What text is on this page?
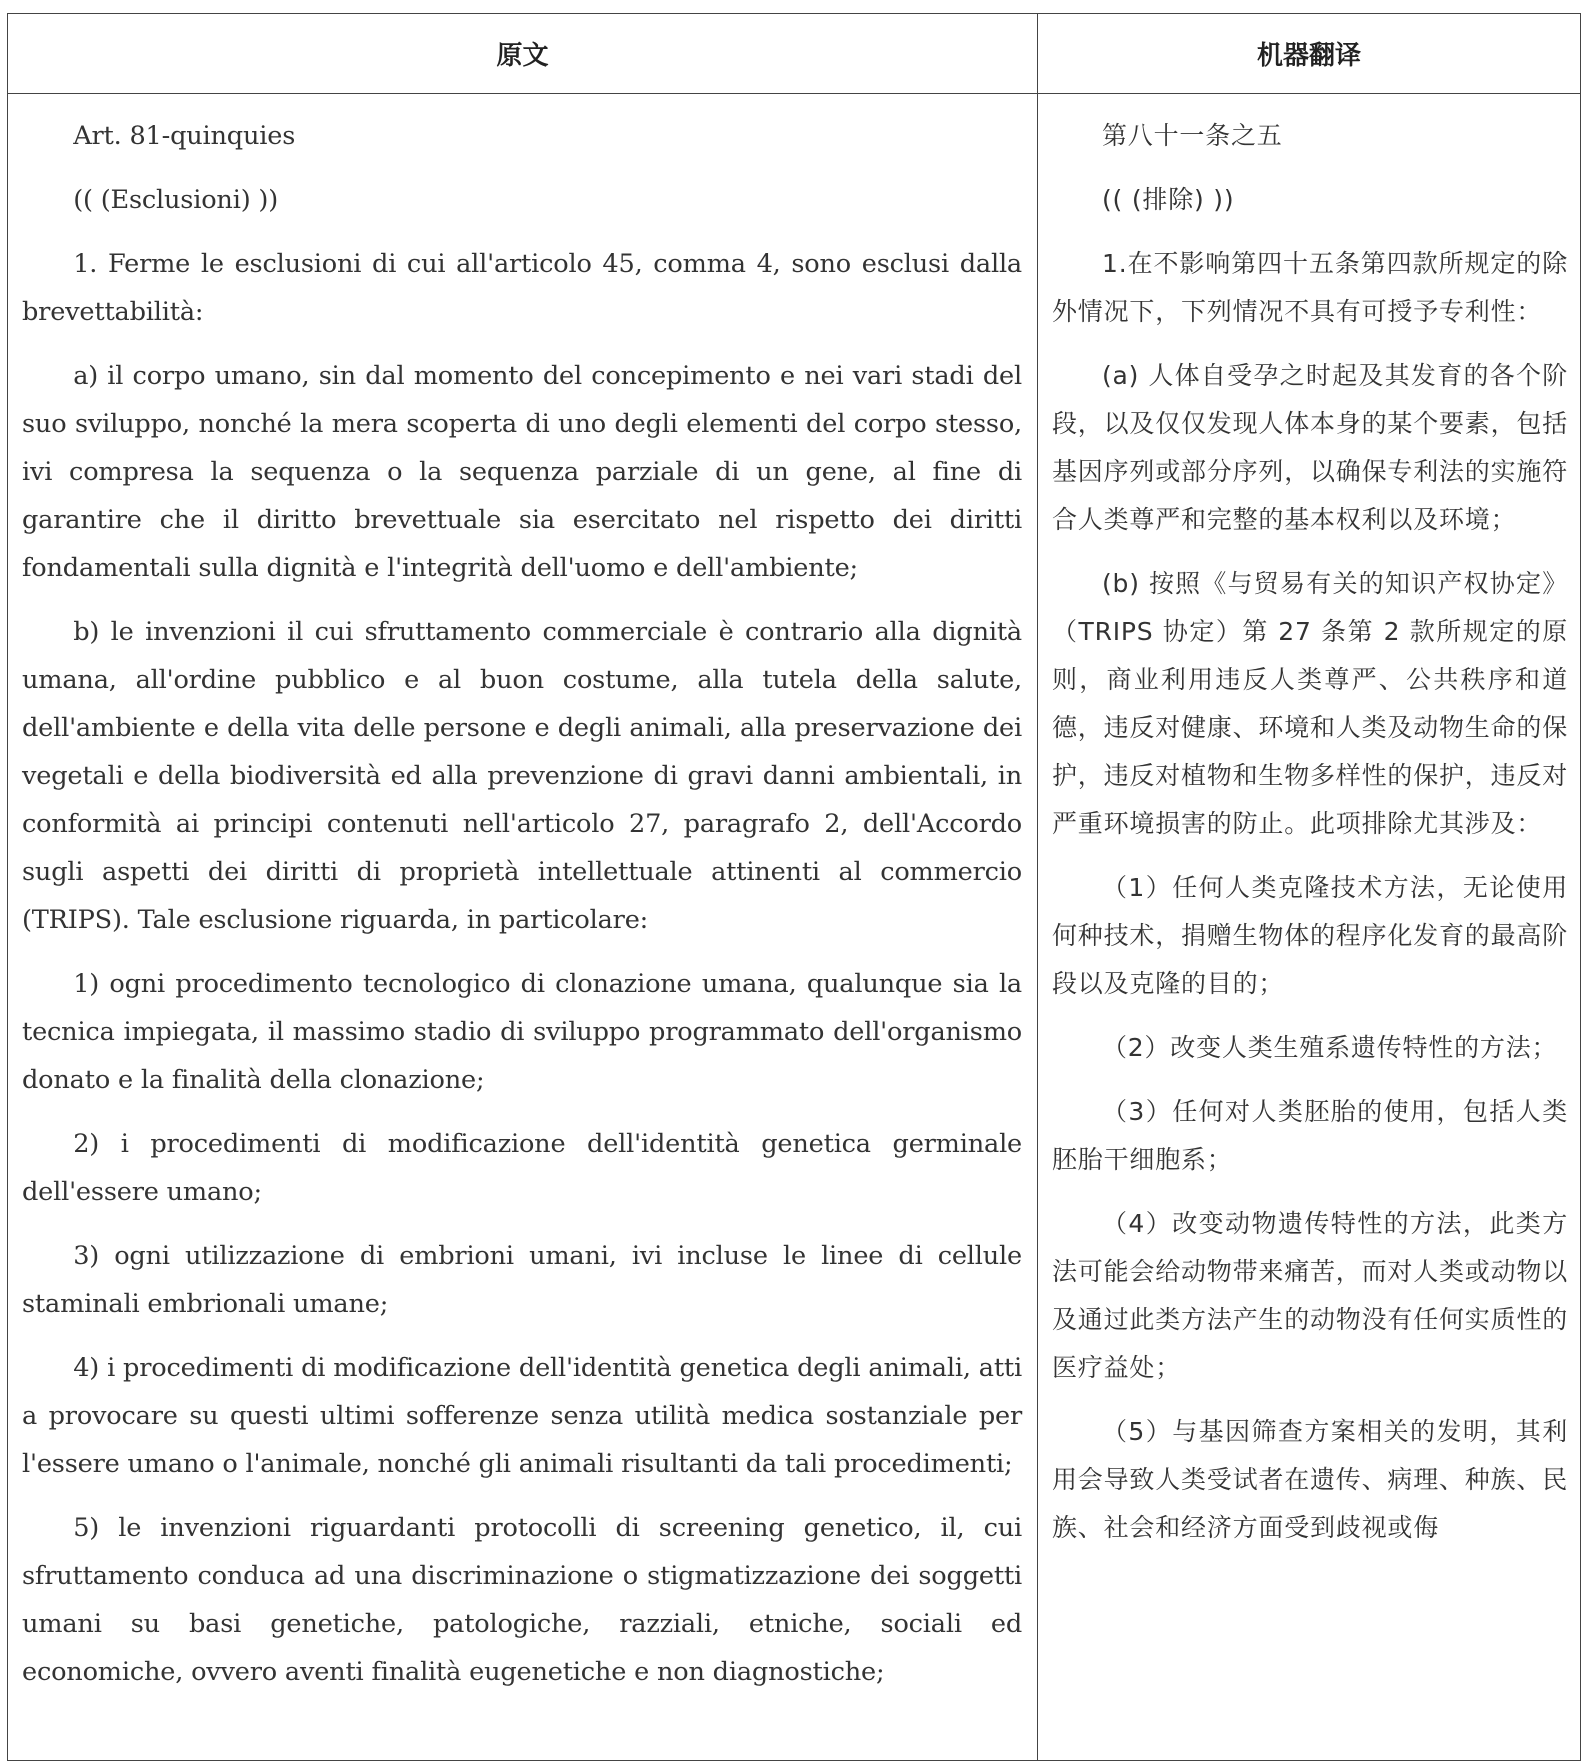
原文	机器翻译

Art. 81-quinquies

(( (Esclusioni) ))

1. Ferme le esclusioni di cui all'articolo 45, comma 4, sono esclusi dalla brevettabilità:

a) il corpo umano, sin dal momento del concepimento e nei vari stadi del suo sviluppo, nonché la mera scoperta di uno degli elementi del corpo stesso, ivi compresa la sequenza o la sequenza parziale di un gene, al fine di garantire che il diritto brevettuale sia esercitato nel rispetto dei diritti fondamentali sulla dignità e l'integrità dell'uomo e dell'ambiente;

b) le invenzioni il cui sfruttamento commerciale è contrario alla dignità umana, all'ordine pubblico e al buon costume, alla tutela della salute, dell'ambiente e della vita delle persone e degli animali, alla preservazione dei vegetali e della biodiversità ed alla prevenzione di gravi danni ambientali, in conformità ai principi contenuti nell'articolo 27, paragrafo 2, dell'Accordo sugli aspetti dei diritti di proprietà intellettuale attinenti al commercio (TRIPS). Tale esclusione riguarda, in particolare:

1) ogni procedimento tecnologico di clonazione umana, qualunque sia la tecnica impiegata, il massimo stadio di sviluppo programmato dell'organismo donato e la finalità della clonazione;

2) i procedimenti di modificazione dell'identità genetica germinale dell'essere umano;

3) ogni utilizzazione di embrioni umani, ivi incluse le linee di cellule staminali embrionali umane;

4) i procedimenti di modificazione dell'identità genetica degli animali, atti a provocare su questi ultimi sofferenze senza utilità medica sostanziale per l'essere umano o l'animale, nonché gli animali risultanti da tali procedimenti;

5) le invenzioni riguardanti protocolli di screening genetico, il, cui sfruttamento conduca ad una discriminazione o stigmatizzazione dei soggetti umani su basi genetiche, patologiche, razziali, etniche, sociali ed economiche, ovvero aventi finalità eugenetiche e non diagnostiche;

第八十一条之五

(( (排除) ))

1.在不影响第四十五条第四款所规定的除外情况下，下列情况不具有可授予专利性：

(a) 人体自受孕之时起及其发育的各个阶段，以及仅仅发现人体本身的某个要素，包括基因序列或部分序列，以确保专利法的实施符合人类尊严和完整的基本权利以及环境；

(b) 按照《与贸易有关的知识产权协定》（TRIPS 协定）第 27 条第 2 款所规定的原则，商业利用违反人类尊严、公共秩序和道德，违反对健康、环境和人类及动物生命的保护，违反对植物和生物多样性的保护，违反对严重环境损害的防止。此项排除尤其涉及：

（1）任何人类克隆技术方法，无论使用何种技术，捐赠生物体的程序化发育的最高阶段以及克隆的目的；

（2）改变人类生殖系遗传特性的方法；

（3）任何对人类胚胎的使用，包括人类胚胎干细胞系；

（4）改变动物遗传特性的方法，此类方法可能会给动物带来痛苦，而对人类或动物以及通过此类方法产生的动物没有任何实质性的医疗益处；

（5）与基因筛查方案相关的发明，其利用会导致人类受试者在遗传、病理、种族、民族、社会和经济方面受到歧视或侮
